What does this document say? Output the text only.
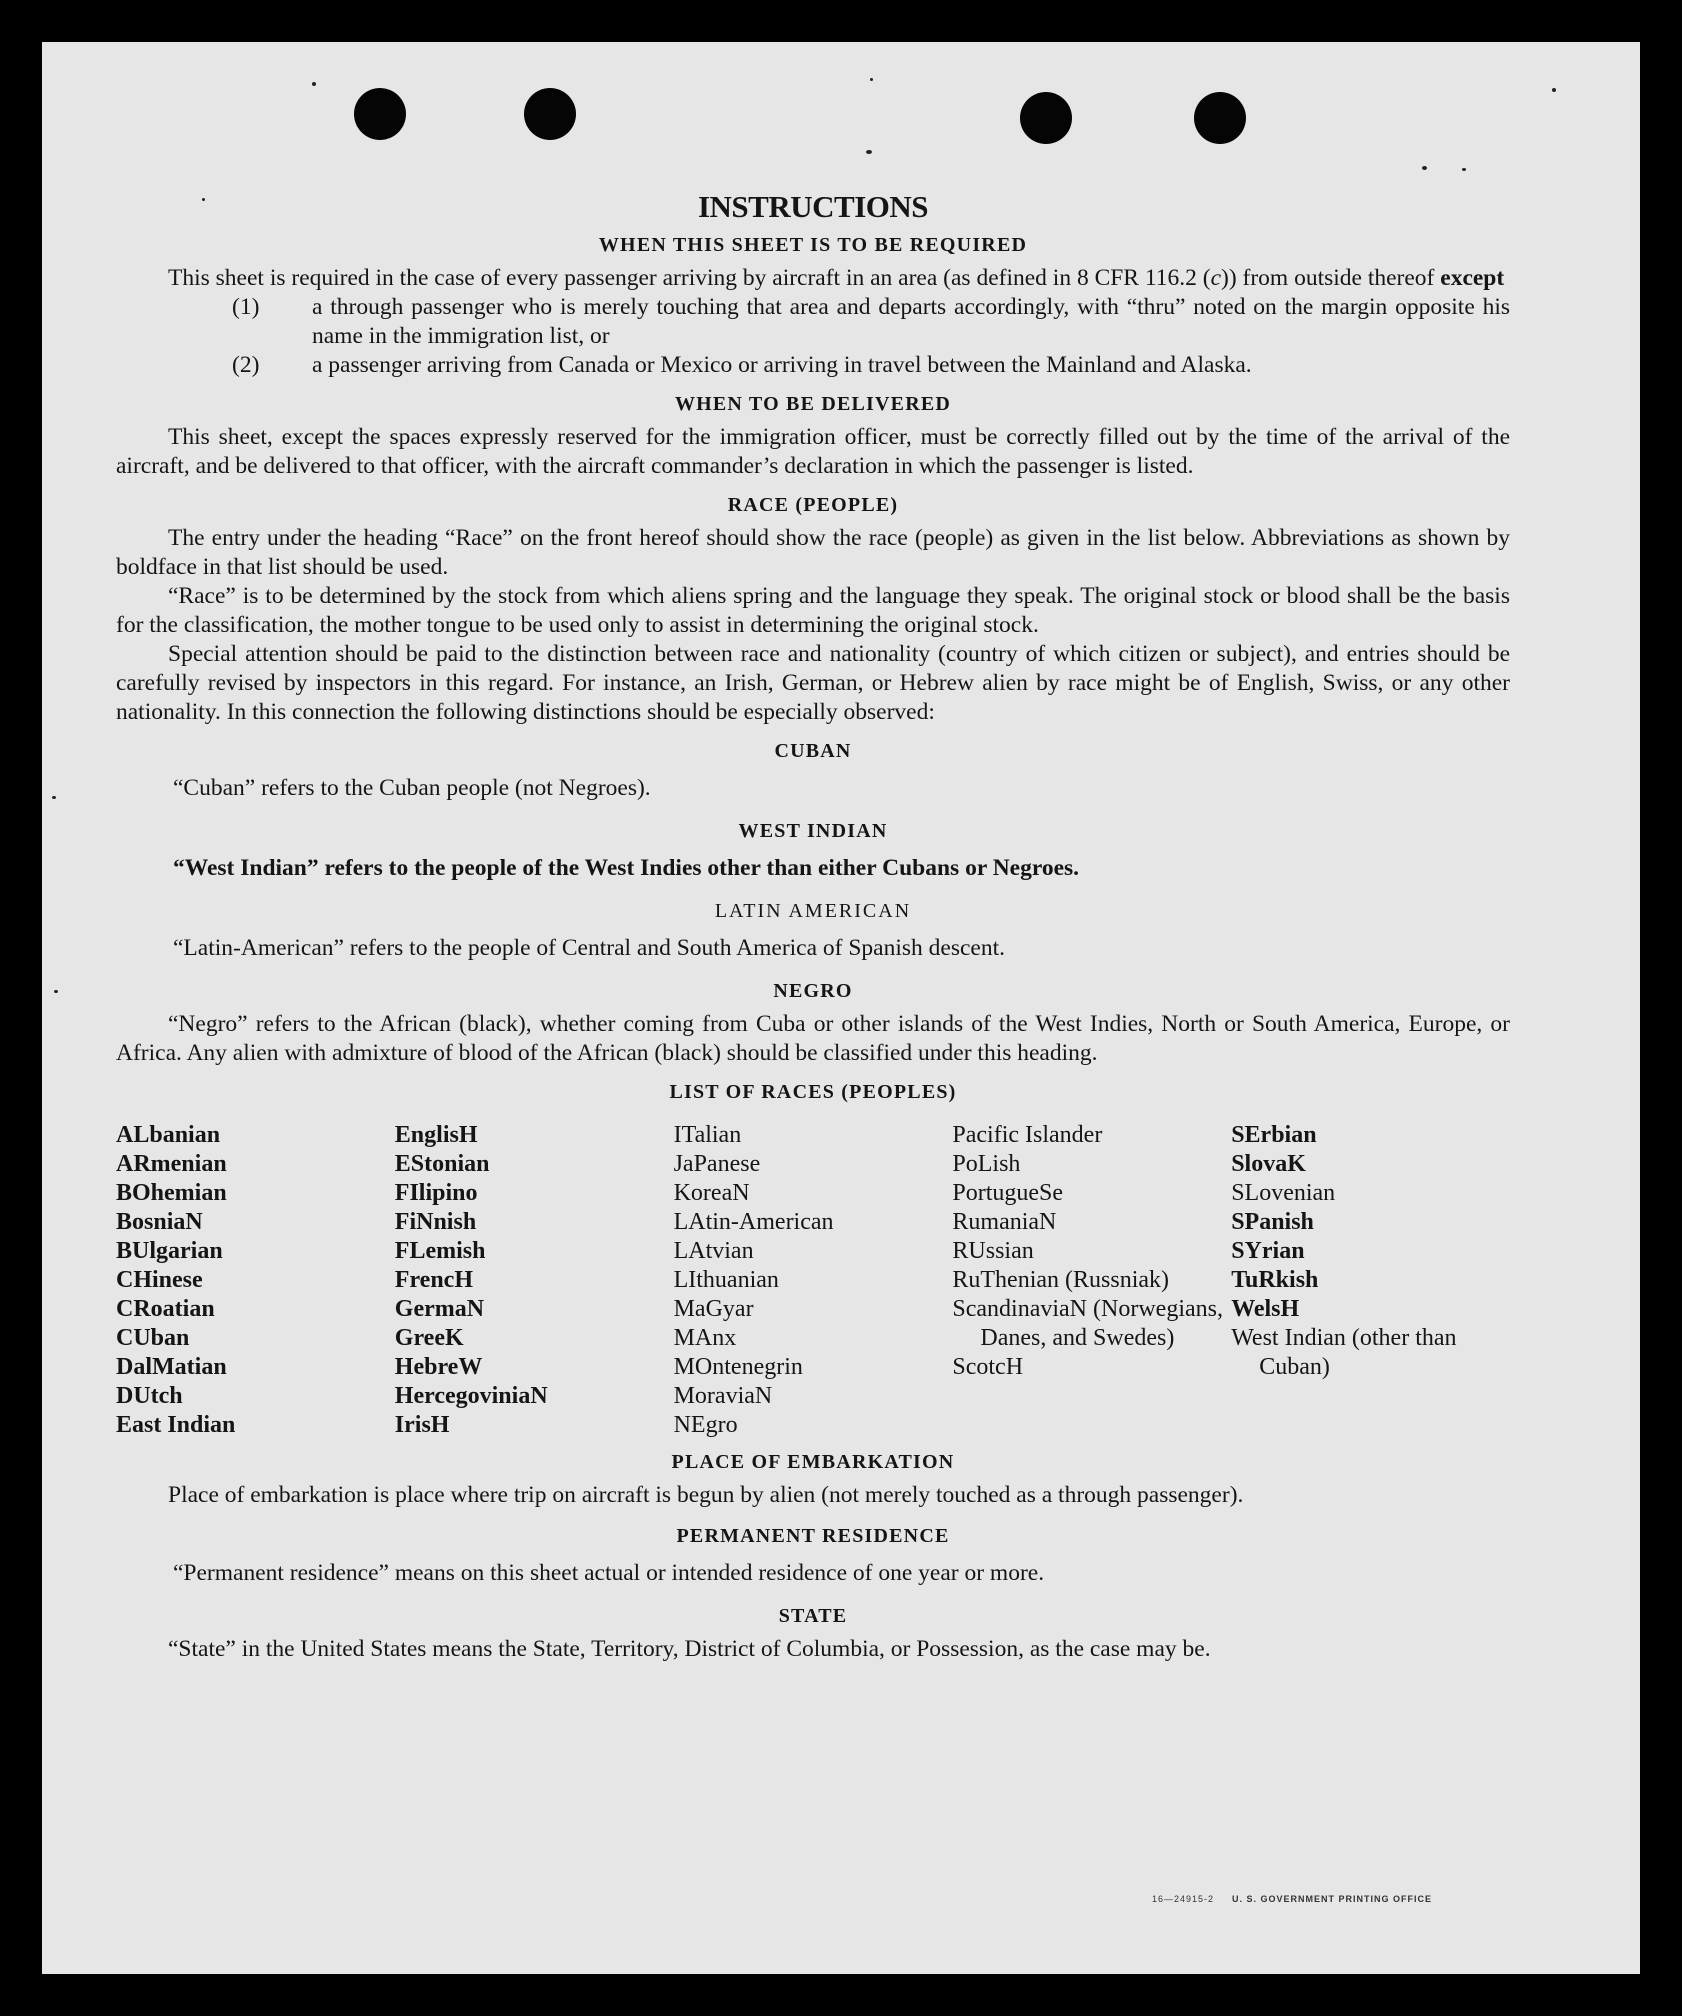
INSTRUCTIONS
WHEN THIS SHEET IS TO BE REQUIRED

This sheet is required in the case of every passenger arriving by aircraft in an area (as defined in 8 CFR 116.2 (c)) from outside thereof except

(1) a through passenger who is merely touching that area and departs accordingly, with “thru” noted on the margin opposite his name in the immigration list, or
(2) a passenger arriving from Canada or Mexico or arriving in travel between the Mainland and Alaska.
WHEN TO BE DELIVERED

This sheet, except the spaces expressly reserved for the immigration officer, must be correctly filled out by the time of the arrival of the aircraft, and be delivered to that officer, with the aircraft commander’s declaration in which the passenger is listed.

RACE (PEOPLE)

The entry under the heading “Race” on the front hereof should show the race (people) as given in the list below. Abbreviations as shown by boldface in that list should be used.

“Race” is to be determined by the stock from which aliens spring and the language they speak. The original stock or blood shall be the basis for the classification, the mother tongue to be used only to assist in determining the original stock.

Special attention should be paid to the distinction between race and nationality (country of which citizen or subject), and entries should be carefully revised by inspectors in this regard. For instance, an Irish, German, or Hebrew alien by race might be of English, Swiss, or any other nationality. In this connection the following distinctions should be especially observed:

CUBAN

“Cuban” refers to the Cuban people (not Negroes).

WEST INDIAN

“West Indian” refers to the people of the West Indies other than either Cubans or Negroes.

LATIN AMERICAN

“Latin-American” refers to the people of Central and South America of Spanish descent.

NEGRO

“Negro” refers to the African (black), whether coming from Cuba or other islands of the West Indies, North or South America, Europe, or Africa. Any alien with admixture of blood of the African (black) should be classified under this heading.

LIST OF RACES (PEOPLES)
ALbanian
ARmenian
BOhemian
BosniaN
BUlgarian
CHinese
CRoatian
CUban
DalMatian
DUtch
East Indian
EnglisH
EStonian
FIlipino
FiNnish
FLemish
FrencH
GermaN
GreeK
HebreW
HercegoviniaN
IrisH
ITalian
JaPanese
KoreaN
LAtin-American
LAtvian
LIthuanian
MaGyar
MAnx
MOntenegrin
MoraviaN
NEgro
Pacific Islander
PoLish
PortugueSe
RumaniaN
RUssian
RuThenian (Russniak)
ScandinaviaN (Norwegians, Danes, and Swedes)
ScotcH
SErbian
SlovaK
SLovenian
SPanish
SYrian
TuRkish
WelsH
West Indian (other than Cuban)
PLACE OF EMBARKATION

Place of embarkation is place where trip on aircraft is begun by alien (not merely touched as a through passenger).

PERMANENT RESIDENCE

“Permanent residence” means on this sheet actual or intended residence of one year or more.

STATE

“State” in the United States means the State, Territory, District of Columbia, or Possession, as the case may be.

16—24915-2 U. S. GOVERNMENT PRINTING OFFICE
